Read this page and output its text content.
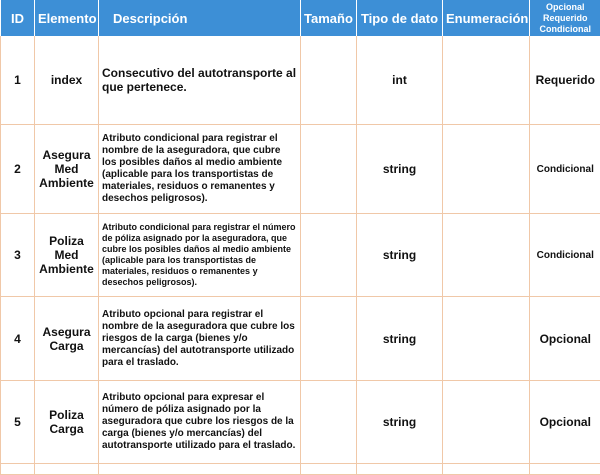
ID	Elemento	Descripción	Tamaño	Tipo de dato	Enumeración	Opcional Requerido Condicional
1	index	Consecutivo del autotransporte al que pertenece.		int		Requerido
2	Asegura Med Ambiente	Atributo condicional para registrar el nombre de la aseguradora, que cubre los posibles daños al medio ambiente (aplicable para los transportistas de materiales, residuos o remanentes y desechos peligrosos).		string		Condicional
3	Poliza Med Ambiente	Atributo condicional para registrar el número de póliza asignado por la aseguradora, que cubre los posibles daños al medio ambiente (aplicable para los transportistas de materiales, residuos o remanentes y desechos peligrosos).		string		Condicional
4	Asegura Carga	Atributo opcional para registrar el nombre de la aseguradora que cubre los riesgos de la carga (bienes y/o mercancías) del autotransporte utilizado para el traslado.		string		Opcional
5	Poliza Carga	Atributo opcional para expresar el número de póliza asignado por la aseguradora que cubre los riesgos de la carga (bienes y/o mercancías) del autotransporte utilizado para el traslado.		string		Opcional
